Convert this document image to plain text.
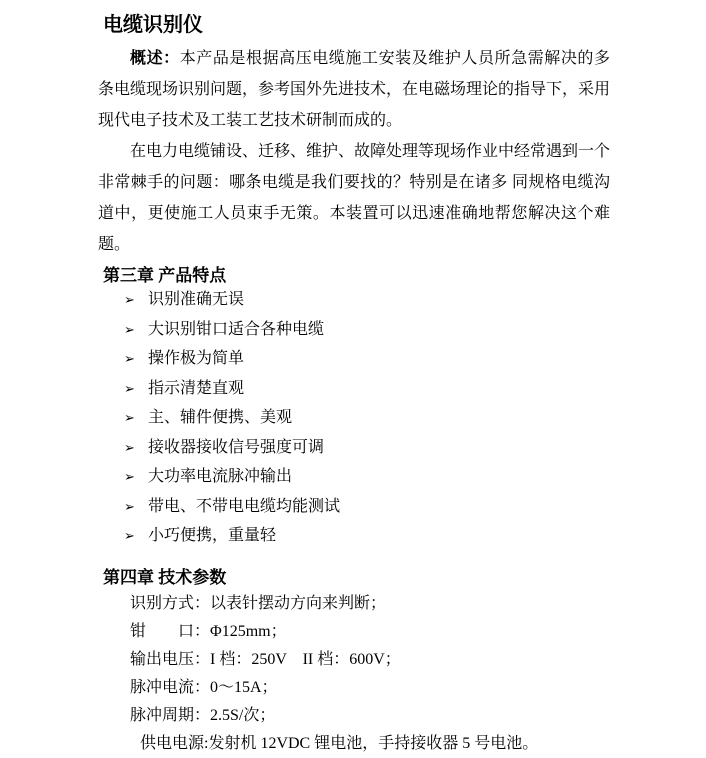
电缆识别仪

概述：本产品是根据高压电缆施工安装及维护人员所急需解决的多条电缆现场识别问题，参考国外先进技术，在电磁场理论的指导下，采用现代电子技术及工装工艺技术研制而成的。

在电力电缆铺设、迁移、维护、故障处理等现场作业中经常遇到一个非常棘手的问题：哪条电缆是我们要找的？特别是在诸多 同规格电缆沟道中，更使施工人员束手无策。本装置可以迅速准确地帮您解决这个难题。

第三章 产品特点
➢ 识别准确无误
➢ 大识别钳口适合各种电缆
➢ 操作极为简单
➢ 指示清楚直观
➢ 主、辅件便携、美观
➢ 接收器接收信号强度可调
➢ 大功率电流脉冲输出
➢ 带电、不带电电缆均能测试
➢ 小巧便携，重量轻
第四章 技术参数

识别方式：以表针摆动方向来判断；

钳　　口：Φ125mm；

输出电压：I 档：250V　II 档：600V；

脉冲电流：0～15A；

脉冲周期：2.5S/次；

供电电源:发射机 12VDC 锂电池，手持接收器 5 号电池。
